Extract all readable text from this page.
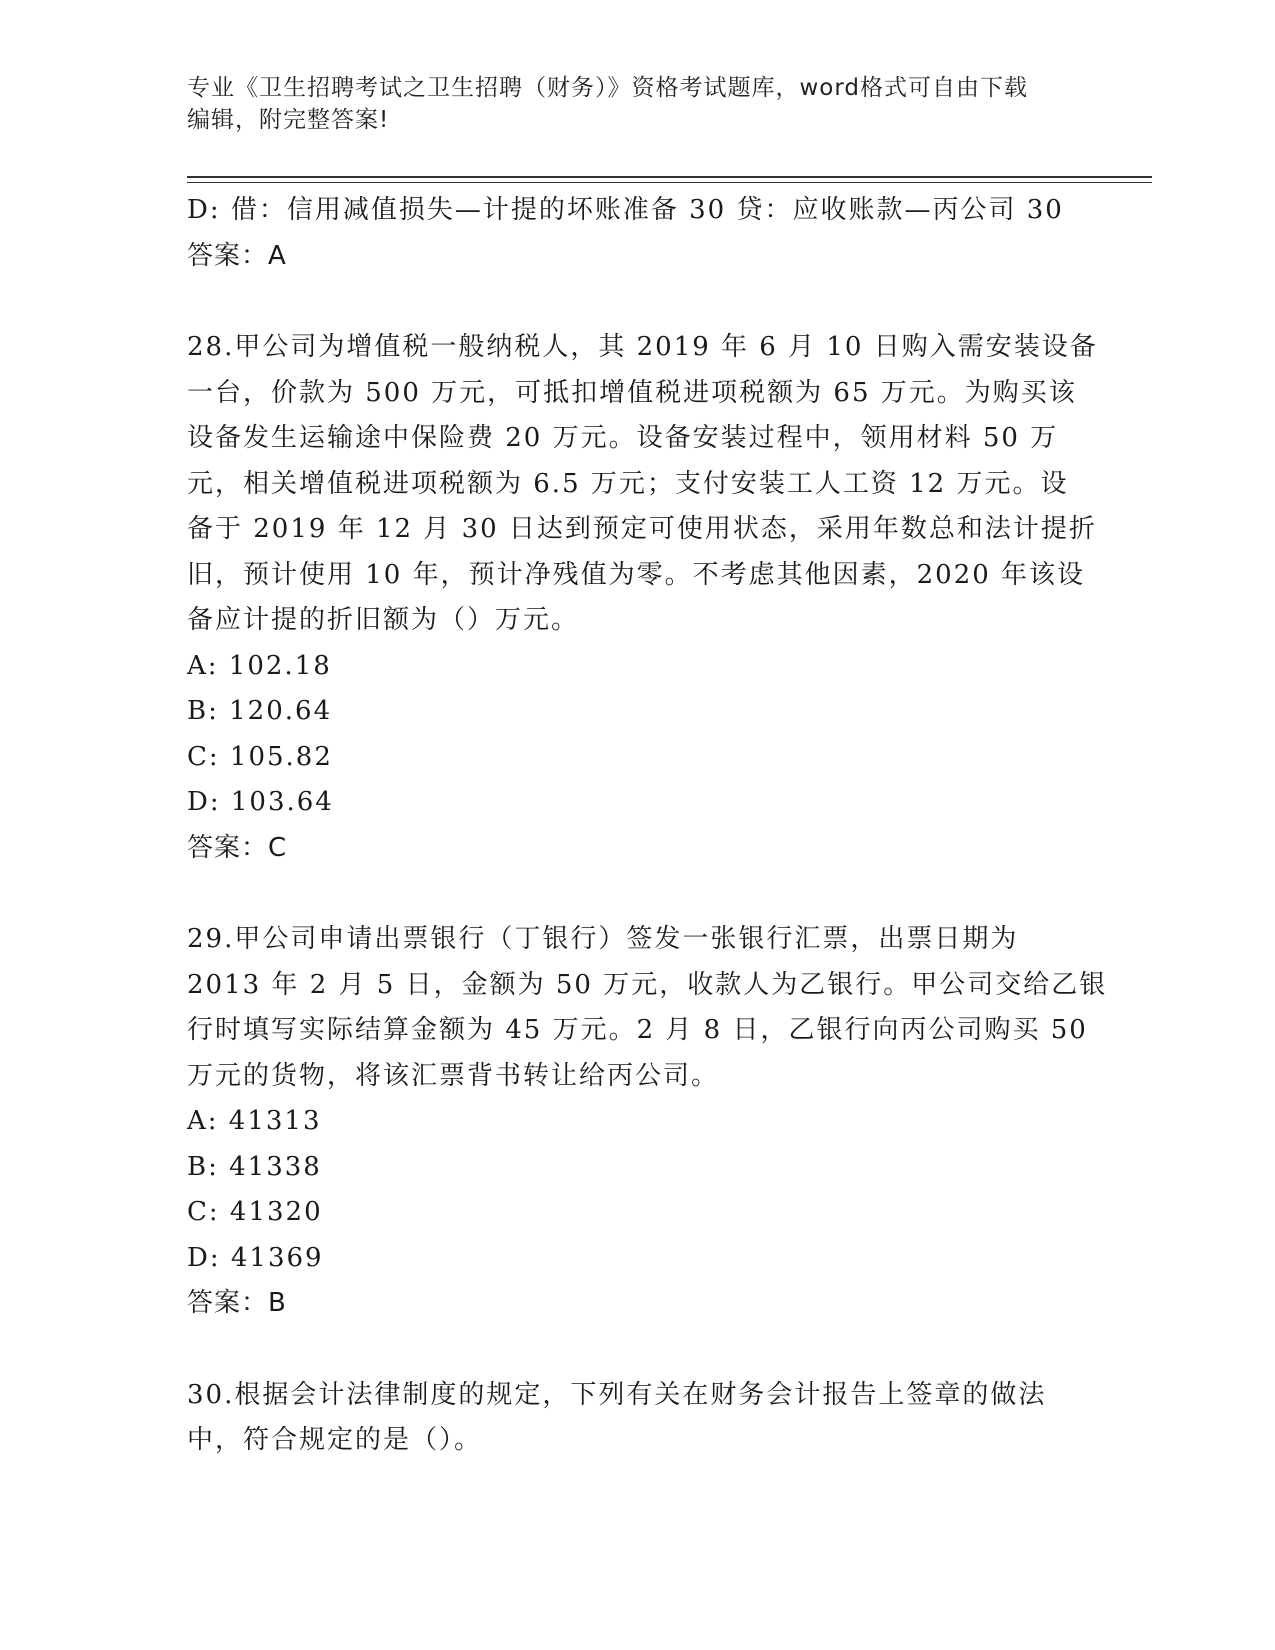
专业《卫生招聘考试之卫生招聘（财务）》资格考试题库，word格式可自由下载
编辑，附完整答案!
D: 借：信用减值损失—计提的坏账准备 30 贷：应收账款—丙公司 30
答案：A
28.甲公司为增值税一般纳税人，其 2019 年 6 月 10 日购入需安装设备
一台，价款为 500 万元，可抵扣增值税进项税额为 65 万元。为购买该
设备发生运输途中保险费 20 万元。设备安装过程中，领用材料 50 万
元，相关增值税进项税额为 6.5 万元；支付安装工人工资 12 万元。设
备于 2019 年 12 月 30 日达到预定可使用状态，采用年数总和法计提折
旧，预计使用 10 年，预计净残值为零。不考虑其他因素，2020 年该设
备应计提的折旧额为（）万元。
A: 102.18
B: 120.64
C: 105.82
D: 103.64
答案：C
29.甲公司申请出票银行（丁银行）签发一张银行汇票，出票日期为
2013 年 2 月 5 日，金额为 50 万元，收款人为乙银行。甲公司交给乙银
行时填写实际结算金额为 45 万元。2 月 8 日，乙银行向丙公司购买 50
万元的货物，将该汇票背书转让给丙公司。
A: 41313
B: 41338
C: 41320
D: 41369
答案：B
30.根据会计法律制度的规定，下列有关在财务会计报告上签章的做法
中，符合规定的是（）。
